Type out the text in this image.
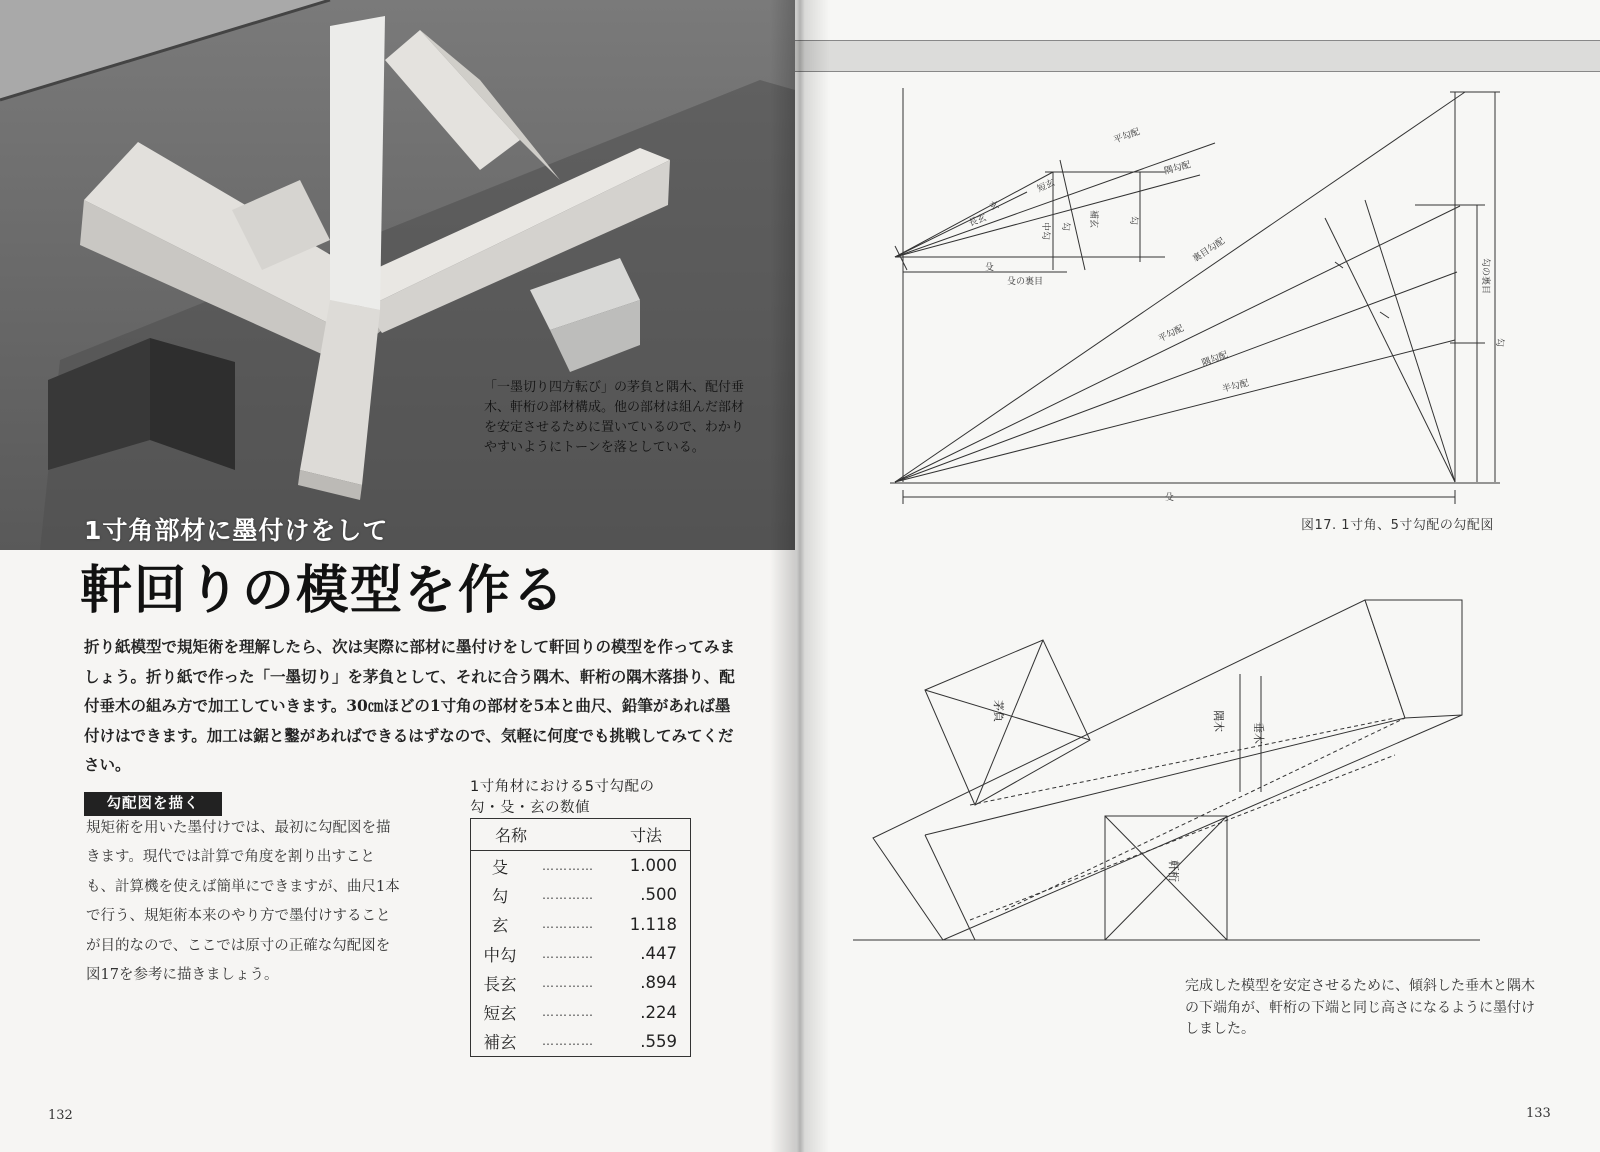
「一墨切り四方転び」の茅負と隅木、配付垂木、軒桁の部材構成。他の部材は組んだ部材を安定させるために置いているので、わかりやすいようにトーンを落としている。
1寸角部材に墨付けをして
軒回りの模型を作る

折り紙模型で規矩術を理解したら、次は実際に部材に墨付けをして軒回りの模型を作ってみましょう。折り紙で作った「一墨切り」を茅負として、それに合う隅木、軒桁の隅木落掛り、配付垂木の組み方で加工していきます。30㎝ほどの1寸角の部材を5本と曲尺、鉛筆があれば墨付けはできます。加工は鋸と鑿があればできるはずなので、気軽に何度でも挑戦してみてください。

勾配図を描く

規矩術を用いた墨付けでは、最初に勾配図を描きます。現代では計算で角度を割り出すことも、計算機を使えば簡単にできますが、曲尺1本で行う、規矩術本来のやり方で墨付けすることが目的なので、ここでは原寸の正確な勾配図を図17を参考に描きましょう。

1寸角材における5寸勾配の
勾・殳・玄の数値
名称	寸法
殳	…………	1.000
勾	…………	.500
玄	…………	1.118
中勾	…………	.447
長玄	…………	.894
短玄	…………	.224
補玄	…………	.559
132
平勾配
隅勾配
玄
長玄
短玄
中勾 勾 補玄	勾
殳
殳の裏目
裏目勾配
平勾配
隅勾配
半勾配
勾の裏目
勾
殳
茅負	隅木
垂木
軒桁
図17. 1寸角、5寸勾配の勾配図
完成した模型を安定させるために、傾斜した垂木と隅木の下端角が、軒桁の下端と同じ高さになるように墨付けしました。
133
